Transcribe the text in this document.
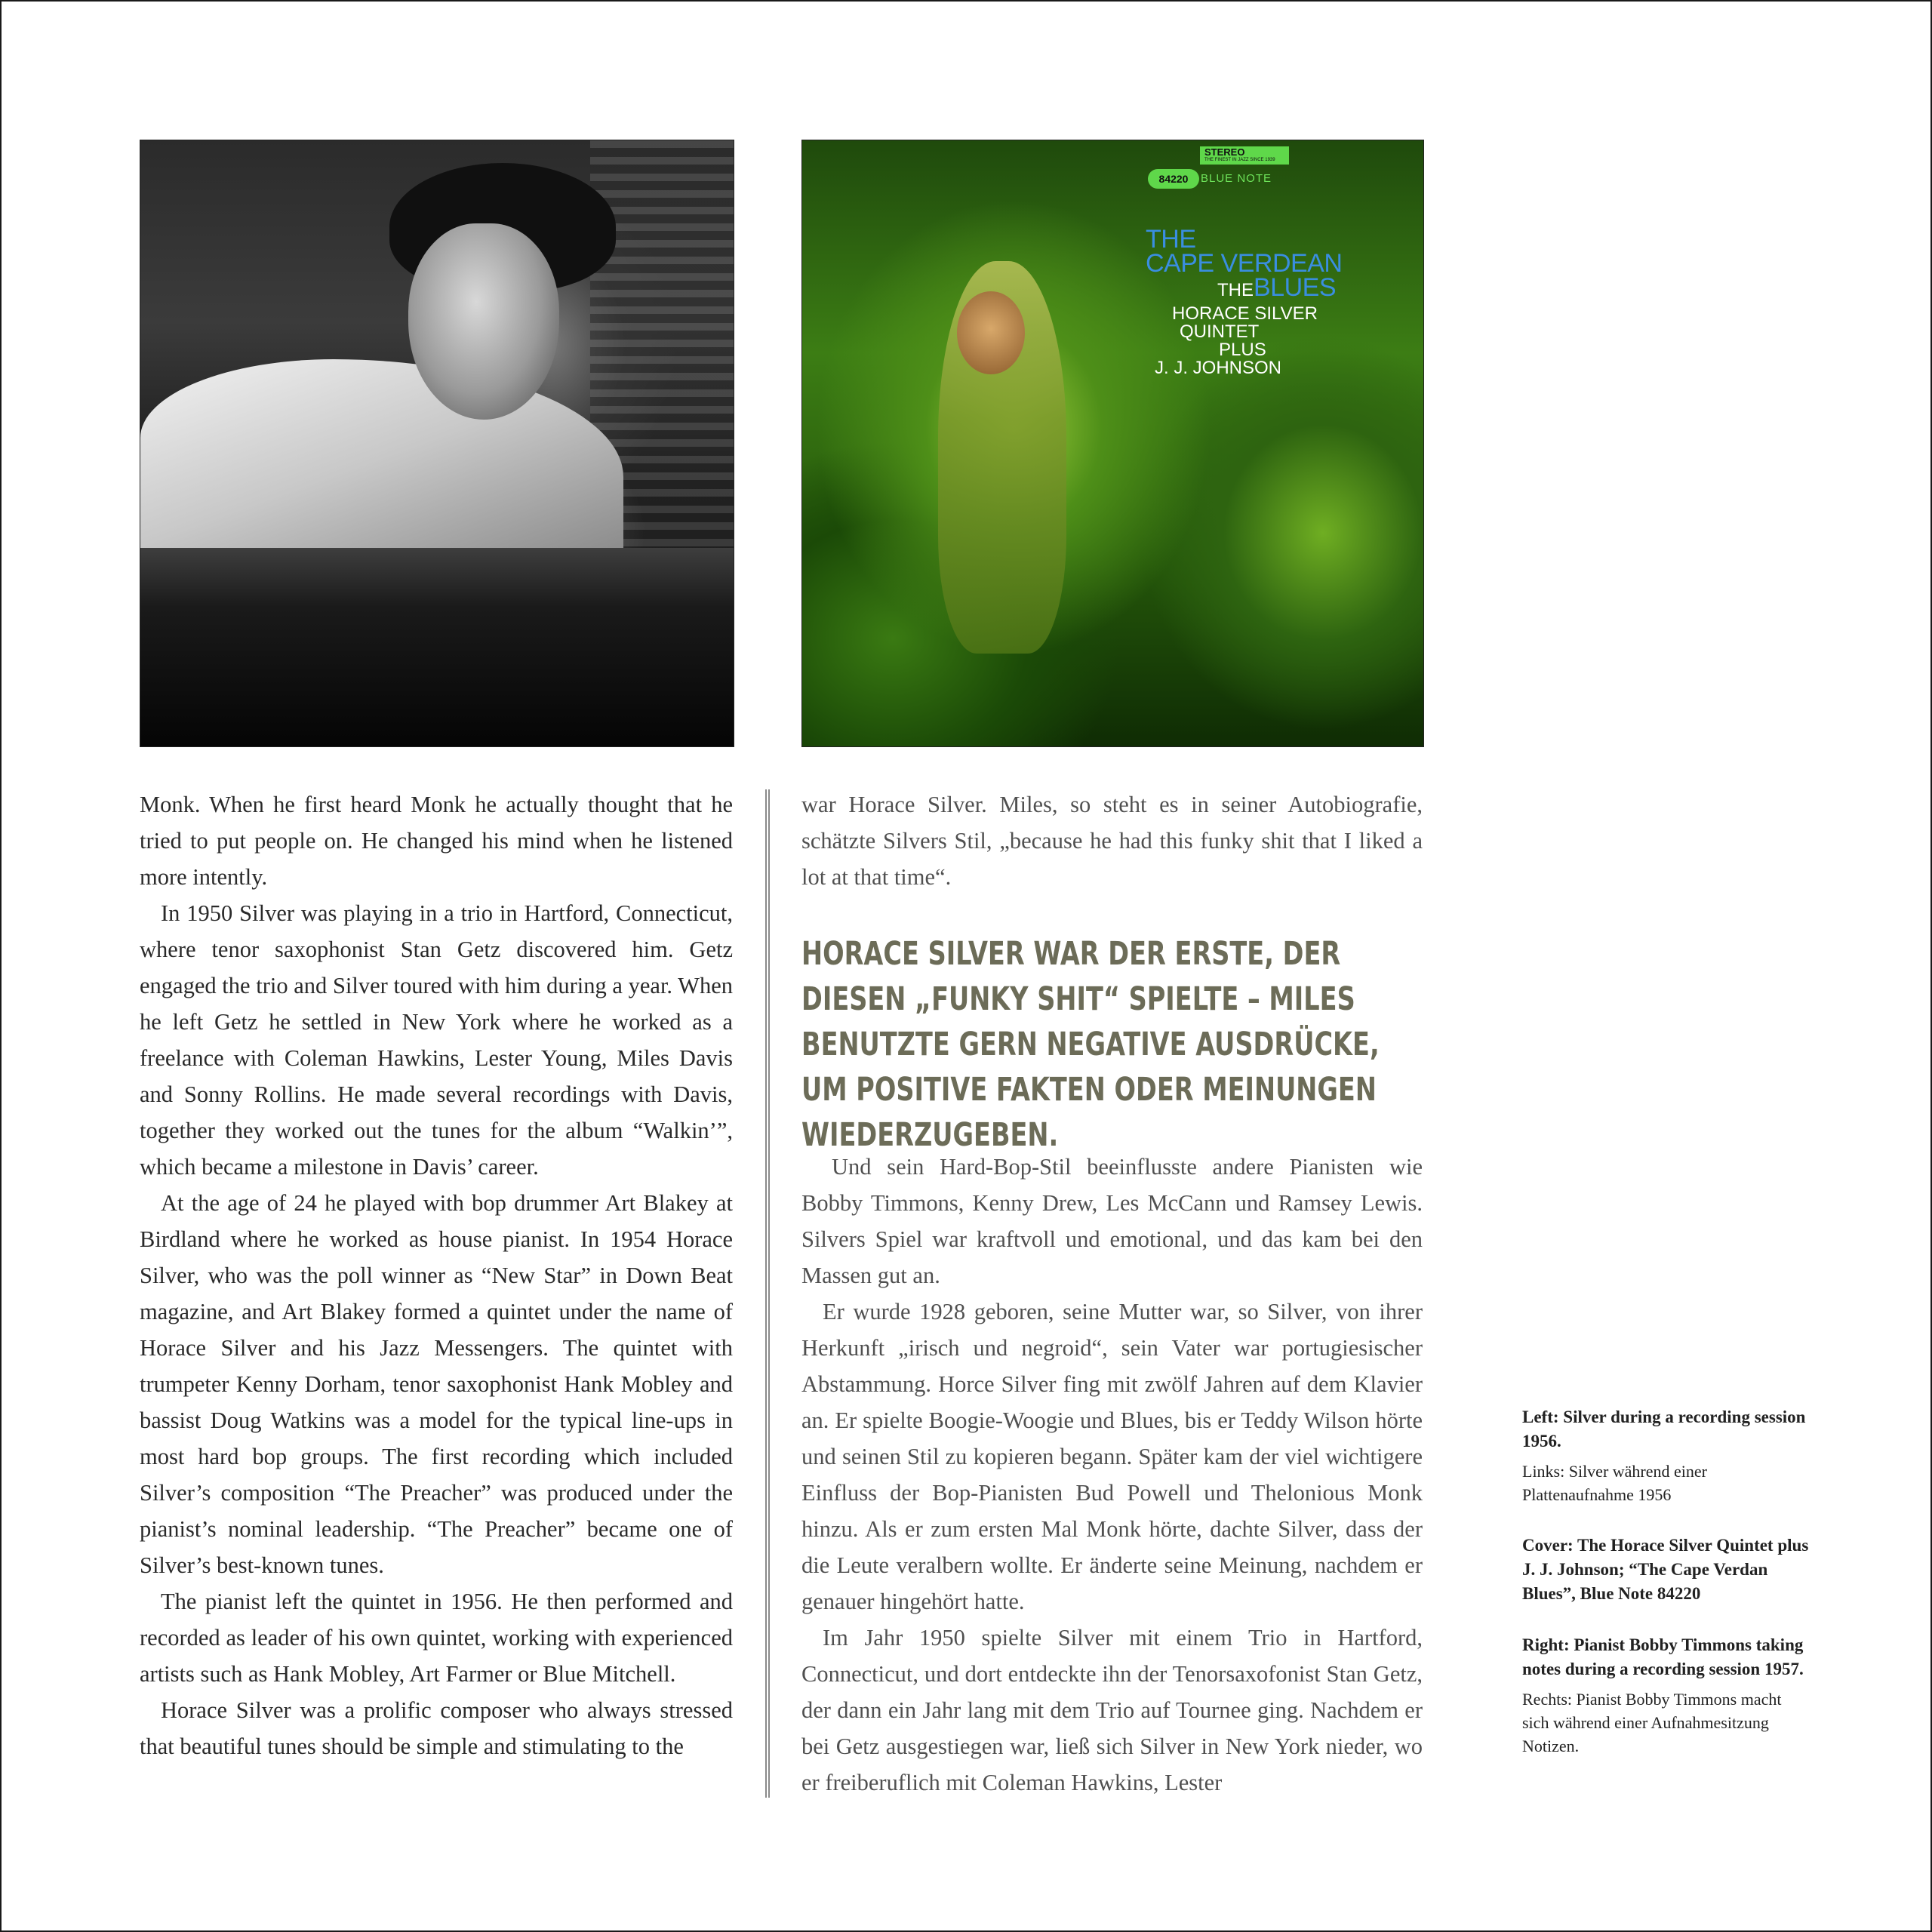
STEREO
THE FINEST IN JAZZ SINCE 1939
84220	BLUE NOTE
THE
CAPE VERDEAN
THEBLUES
HORACE SILVER
QUINTET
PLUS
J. J. JOHNSON

Monk. When he first heard Monk he actually thought that he tried to put people on. He changed his mind when he listened more intently.

In 1950 Silver was playing in a trio in Hartford, Connecticut, where tenor saxophonist Stan Getz discovered him. Getz engaged the trio and Silver toured with him during a year. When he left Getz he settled in New York where he worked as a freelance with Coleman Hawkins, Lester Young, Miles Davis and Sonny Rollins. He made several recordings with Davis, together they worked out the tunes for the album “Walkin’”, which became a milestone in Davis’ career.

At the age of 24 he played with bop drummer Art Blakey at Birdland where he worked as house pianist. In 1954 Horace Silver, who was the poll winner as “New Star” in Down Beat magazine, and Art Blakey formed a quintet under the name of Horace Silver and his Jazz Messengers. The quintet with trumpeter Kenny Dorham, tenor saxophonist Hank Mobley and bassist Doug Watkins was a model for the typical line-ups in most hard bop groups. The first recording which included Silver’s composition “The Preacher” was produced under the pianist’s nominal leadership. “The Preacher” became one of Silver’s best-known tunes.

The pianist left the quintet in 1956. He then performed and recorded as leader of his own quintet, working with experienced artists such as Hank Mobley, Art Farmer or Blue Mitchell.

Horace Silver was a prolific composer who always stressed that beautiful tunes should be simple and stimulating to the

war Horace Silver. Miles, so steht es in seiner Autobiografie, schätzte Silvers Stil, „because he had this funky shit that I liked a lot at that time“.

HORACE SILVER WAR DER ERSTE, DER DIESEN „FUNKY SHIT“ SPIELTE – MILES BENUTZTE GERN NEGATIVE AUSDRÜCKE, UM POSITIVE FAKTEN ODER MEINUNGEN WIEDERZUGEBEN.

Und sein Hard-Bop-Stil beeinflusste andere Pianisten wie Bobby Timmons, Kenny Drew, Les McCann und Ramsey Lewis. Silvers Spiel war kraftvoll und emotional, und das kam bei den Massen gut an.

Er wurde 1928 geboren, seine Mutter war, so Silver, von ihrer Herkunft „irisch und negroid“, sein Vater war portugiesischer Abstammung. Horce Silver fing mit zwölf Jahren auf dem Klavier an. Er spielte Boogie-Woogie und Blues, bis er Teddy Wilson hörte und seinen Stil zu kopieren begann. Später kam der viel wichtigere Einfluss der Bop-Pianisten Bud Powell und Thelonious Monk hinzu. Als er zum ersten Mal Monk hörte, dachte Silver, dass der die Leute veralbern wollte. Er änderte seine Meinung, nachdem er genauer hingehört hatte.

Im Jahr 1950 spielte Silver mit einem Trio in Hartford, Connecticut, und dort entdeckte ihn der Tenorsaxofonist Stan Getz, der dann ein Jahr lang mit dem Trio auf Tournee ging. Nachdem er bei Getz ausgestiegen war, ließ sich Silver in New York nieder, wo er freiberuflich mit Coleman Hawkins, Lester

Left: Silver during a recording session 1956.
Links: Silver während einer Plattenaufnahme 1956
Cover: The Horace Silver Quintet plus J. J. Johnson; “The Cape Verdan Blues”, Blue Note 84220
Right: Pianist Bobby Timmons taking notes during a recording session 1957.
Rechts: Pianist Bobby Timmons macht sich während einer Aufnahmesitzung Notizen.
